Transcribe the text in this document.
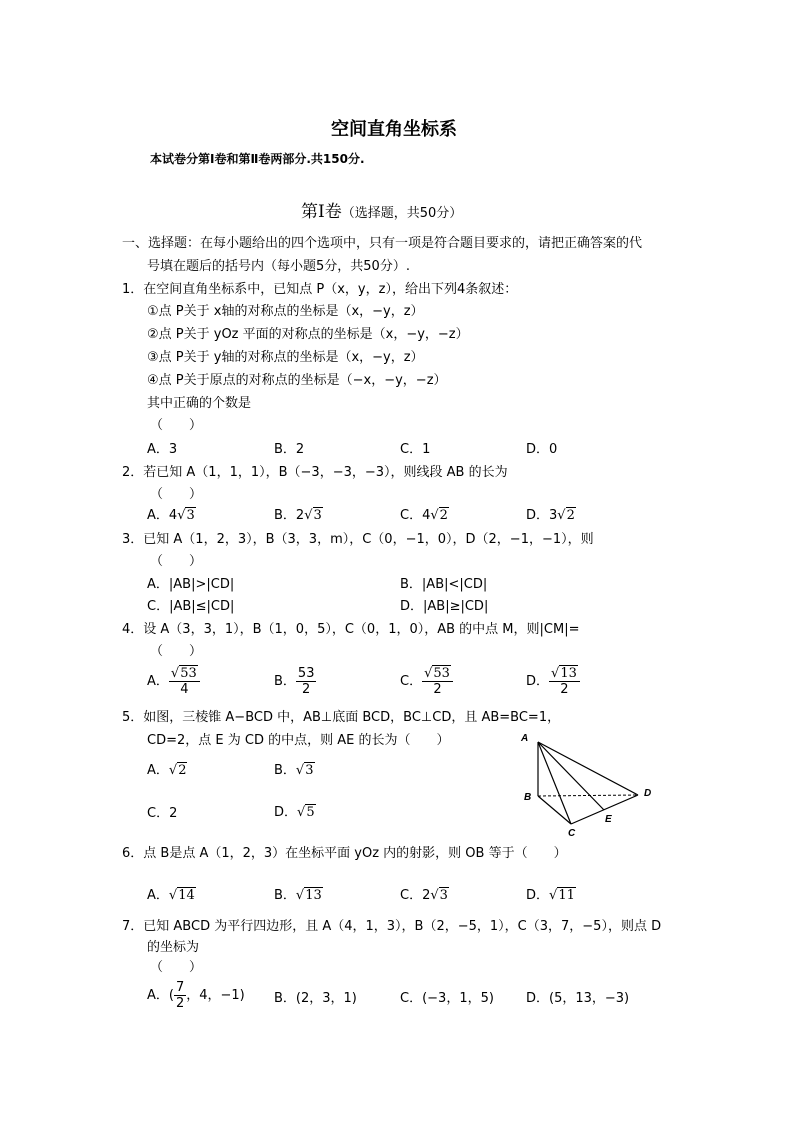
空间直角坐标系
本试卷分第Ⅰ卷和第Ⅱ卷两部分.共150分.
第Ⅰ卷（选择题，共50分）
一、选择题：在每小题给出的四个选项中，只有一项是符合题目要求的，请把正确答案的代
号填在题后的括号内（每小题5分，共50分）.
1．在空间直角坐标系中，已知点 P（x，y，z），给出下列4条叙述：
①点 P关于 x轴的对称点的坐标是（x，−y，z）
②点 P关于 yOz 平面的对称点的坐标是（x，−y，−z）
③点 P关于 y轴的对称点的坐标是（x，−y，z）
④点 P关于原点的对称点的坐标是（−x，−y，−z）
其中正确的个数是
（　　）
A．3	B．2	C．1	D．0
2．若已知 A（1，1，1），B（−3，−3，−3），则线段 AB 的长为
（　　）
A．4√3	B．2√3	C．4√2	D．3√2
3．已知 A（1，2，3），B（3，3，m），C（0，−1，0），D（2，−1，−1），则
（　　）
A．|AB|>|CD|	B．|AB|<|CD|
C．|AB|≤|CD|	D．|AB|≥|CD|
4．设 A（3，3，1），B（1，0，5），C（0，1，0），AB 的中点 M，则|CM|=
（　　）
A． $\frac{√53}{4}$	B． $\frac{53}{2}$	C． $\frac{√53}{2}$	D． $\frac{√13}{2}$
5．如图，三棱锥 A−BCD 中，AB⊥底面 BCD，BC⊥CD，且 AB=BC=1，
CD=2，点 E 为 CD 的中点，则 AE 的长为（　　）
A．√2	B．√3
C．2	D．√5
A
B
C
D
E
6．点 B是点 A（1，2，3）在坐标平面 yOz 内的射影，则 OB 等于（　　）
A．√14	B．√13	C．2√3	D．√11
7．已知 ABCD 为平行四边形，且 A（4，1，3），B（2，−5，1），C（3，7，−5），则点 D
的坐标为
（　　）
A．( $\frac{7}{2}$ ，4，−1) B．(2，3，1)	C．(−3，1，5) D．(5，13，−3)
